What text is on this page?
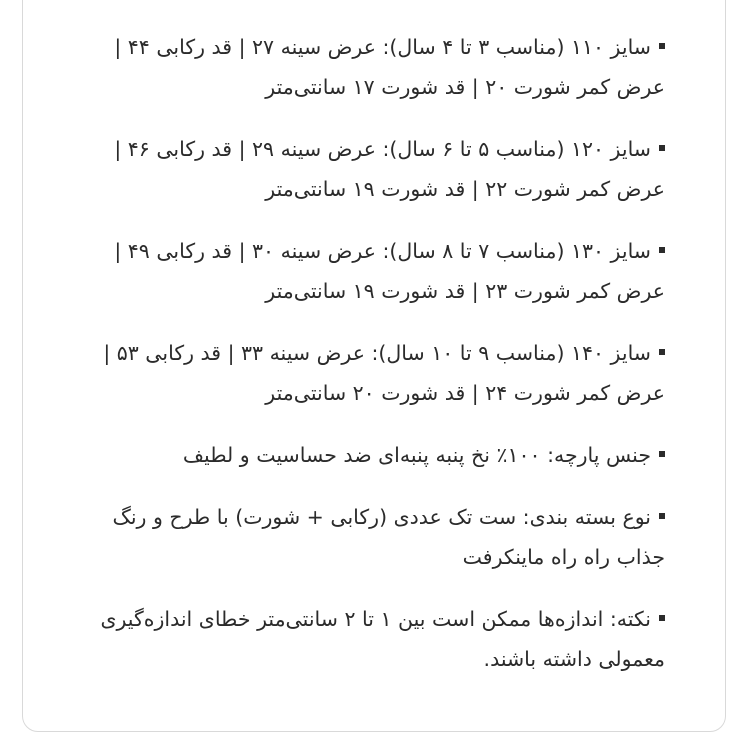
سایز ۱۱۰ (مناسب ۳ تا ۴ سال): عرض سینه ۲۷ | قد رکابی ۴۴ | عرض کمر شورت ۲۰ | قد شورت ۱۷ سانتی‌متر
سایز ۱۲۰ (مناسب ۵ تا ۶ سال): عرض سینه ۲۹ | قد رکابی ۴۶ | عرض کمر شورت ۲۲ | قد شورت ۱۹ سانتی‌متر
سایز ۱۳۰ (مناسب ۷ تا ۸ سال): عرض سینه ۳۰ | قد رکابی ۴۹ | عرض کمر شورت ۲۳ | قد شورت ۱۹ سانتی‌متر
سایز ۱۴۰ (مناسب ۹ تا ۱۰ سال): عرض سینه ۳۳ | قد رکابی ۵۳ | عرض کمر شورت ۲۴ | قد شورت ۲۰ سانتی‌متر
جنس پارچه: ۱۰۰٪ نخ پنبه پنبه‌ای ضد حساسیت و لطیف
نوع بسته بندی: ست تک عددی (رکابی + شورت) با طرح و رنگ جذاب راه راه ماینکرفت
نکته: اندازه‌ها ممکن است بین ۱ تا ۲ سانتی‌متر خطای اندازه‌گیری معمولی داشته باشند.
